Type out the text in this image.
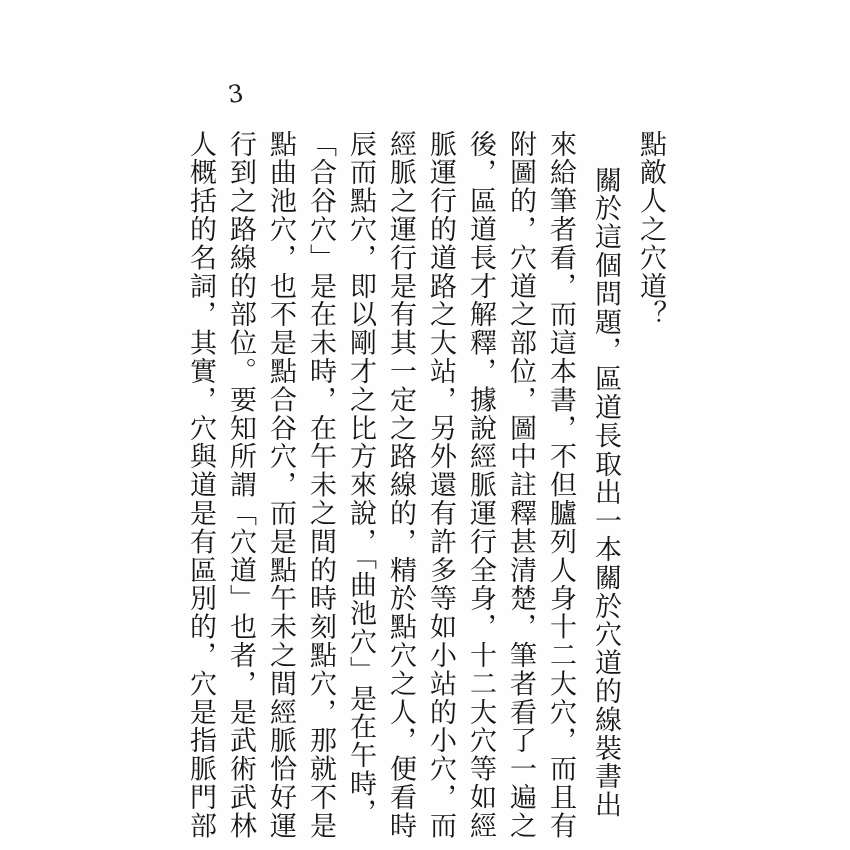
3
點敵人之穴道？
關於這個問題，區道長取出一本關於穴道的線裝書出
來給筆者看，而這本書，不但臚列人身十二大穴，而且有
附圖的，穴道之部位，圖中註釋甚清楚，筆者看了一遍之
後，區道長才解釋，據說經脈運行全身，十二大穴等如經
脈運行的道路之大站，另外還有許多等如小站的小穴，而
經脈之運行是有其一定之路線的，精於點穴之人，便看時
辰而點穴，即以剛才之比方來說，「曲池穴」是在午時，
「合谷穴」是在未時，在午未之間的時刻點穴，那就不是
點曲池穴，也不是點合谷穴，而是點午未之間經脈恰好運
行到之路線的部位。要知所謂「穴道」也者，是武術武林
人概括的名詞，其實，穴與道是有區別的，穴是指脈門部
